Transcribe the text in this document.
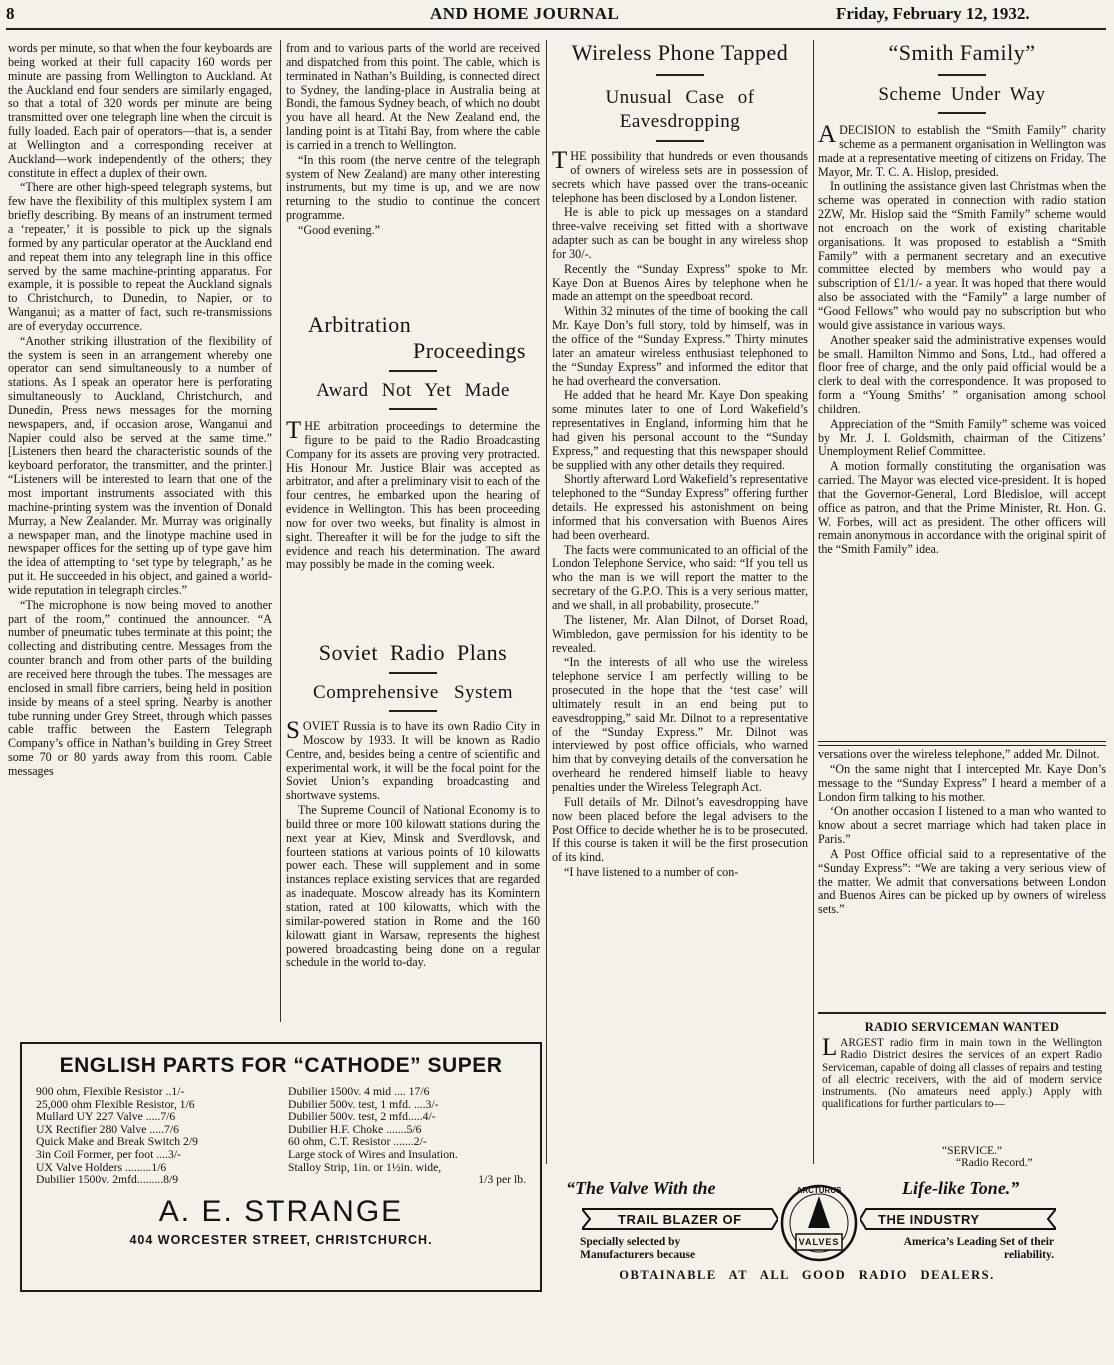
8	AND HOME JOURNAL	Friday, February 12, 1932.

words per minute, so that when the four keyboards are being worked at their full capacity 160 words per minute are passing from Wellington to Auckland. At the Auckland end four senders are similarly engaged, so that a total of 320 words per minute are being transmitted over one telegraph line when the circuit is fully loaded. Each pair of operators—that is, a sender at Wellington and a corresponding receiver at Auckland—work independently of the others; they constitute in effect a duplex of their own.

“There are other high-speed telegraph systems, but few have the flexibility of this multiplex system I am briefly describing. By means of an instrument termed a ‘repeater,’ it is possible to pick up the signals formed by any particular operator at the Auckland end and repeat them into any telegraph line in this office served by the same machine-printing apparatus. For example, it is possible to repeat the Auckland signals to Christchurch, to Dunedin, to Napier, or to Wanganui; as a matter of fact, such re-transmissions are of everyday occurrence.

“Another striking illustration of the flexibility of the system is seen in an arrangement whereby one operator can send simultaneously to a number of stations. As I speak an operator here is perforating simultaneously to Auckland, Christchurch, and Dunedin, Press news messages for the morning newspapers, and, if occasion arose, Wanganui and Napier could also be served at the same time.” [Listeners then heard the characteristic sounds of the keyboard perforator, the transmitter, and the printer.] “Listeners will be interested to learn that one of the most important instruments associated with this machine-printing system was the invention of Donald Murray, a New Zealander. Mr. Murray was originally a newspaper man, and the linotype machine used in newspaper offices for the setting up of type gave him the idea of attempting to ‘set type by telegraph,’ as he put it. He succeeded in his object, and gained a world-wide reputation in telegraph circles.”

“The microphone is now being moved to another part of the room,” continued the announcer. “A number of pneumatic tubes terminate at this point; the collecting and distributing centre. Messages from the counter branch and from other parts of the building are received here through the tubes. The messages are enclosed in small fibre carriers, being held in position inside by means of a steel spring. Nearby is another tube running under Grey Street, through which passes cable traffic between the Eastern Telegraph Company’s office in Nathan’s building in Grey Street some 70 or 80 yards away from this room. Cable messages

from and to various parts of the world are received and dispatched from this point. The cable, which is terminated in Nathan’s Building, is connected direct to Sydney, the landing-place in Australia being at Bondi, the famous Sydney beach, of which no doubt you have all heard. At the New Zealand end, the landing point is at Titahi Bay, from where the cable is carried in a trench to Wellington.

“In this room (the nerve centre of the telegraph system of New Zealand) are many other interesting instruments, but my time is up, and we are now returning to the studio to continue the concert programme.

“Good evening.”

Arbitration
Proceedings
Award Not Yet Made

THE arbitration proceedings to determine the figure to be paid to the Radio Broadcasting Company for its assets are proving very protracted. His Honour Mr. Justice Blair was accepted as arbitrator, and after a preliminary visit to each of the four centres, he embarked upon the hearing of evidence in Wellington. This has been proceeding now for over two weeks, but finality is almost in sight. Thereafter it will be for the judge to sift the evidence and reach his determination. The award may possibly be made in the coming week.

Soviet Radio Plans
Comprehensive System

SOVIET Russia is to have its own Radio City in Moscow by 1933. It will be known as Radio Centre, and, besides being a centre of scientific and experimental work, it will be the focal point for the Soviet Union’s expanding broadcasting and shortwave systems.

The Supreme Council of National Economy is to build three or more 100 kilowatt stations during the next year at Kiev, Minsk and Sverdlovsk, and fourteen stations at various points of 10 kilowatts power each. These will supplement and in some instances replace existing services that are regarded as inadequate. Moscow already has its Komintern station, rated at 100 kilowatts, which with the similar-powered station in Rome and the 160 kilowatt giant in Warsaw, represents the highest powered broadcasting being done on a regular schedule in the world to-day.

Wireless Phone Tapped
Unusual Case of Eavesdropping

THE possibility that hundreds or even thousands of owners of wireless sets are in possession of secrets which have passed over the trans-oceanic telephone has been disclosed by a London listener.

He is able to pick up messages on a standard three-valve receiving set fitted with a shortwave adapter such as can be bought in any wireless shop for 30/-.

Recently the “Sunday Express” spoke to Mr. Kaye Don at Buenos Aires by telephone when he made an attempt on the speedboat record.

Within 32 minutes of the time of booking the call Mr. Kaye Don’s full story, told by himself, was in the office of the “Sunday Express.” Thirty minutes later an amateur wireless enthusiast telephoned to the “Sunday Express” and informed the editor that he had overheard the conversation.

He added that he heard Mr. Kaye Don speaking some minutes later to one of Lord Wakefield’s representatives in England, informing him that he had given his personal account to the “Sunday Express,” and requesting that this newspaper should be supplied with any other details they required.

Shortly afterward Lord Wakefield’s representative telephoned to the “Sunday Express” offering further details. He expressed his astonishment on being informed that his conversation with Buenos Aires had been overheard.

The facts were communicated to an official of the London Telephone Service, who said: “If you tell us who the man is we will report the matter to the secretary of the G.P.O. This is a very serious matter, and we shall, in all probability, prosecute.”

The listener, Mr. Alan Dilnot, of Dorset Road, Wimbledon, gave permission for his identity to be revealed.

“In the interests of all who use the wireless telephone service I am perfectly willing to be prosecuted in the hope that the ‘test case’ will ultimately result in an end being put to eavesdropping,” said Mr. Dilnot to a representative of the “Sunday Express.” Mr. Dilnot was interviewed by post office officials, who warned him that by conveying details of the conversation he overheard he rendered himself liable to heavy penalties under the Wireless Telegraph Act.

Full details of Mr. Dilnot’s eavesdropping have now been placed before the legal advisers to the Post Office to decide whether he is to be prosecuted. If this course is taken it will be the first prosecution of its kind.

“I have listened to a number of con-

“Smith Family”
Scheme Under Way

ADECISION to establish the “Smith Family” charity scheme as a permanent organisation in Wellington was made at a representative meeting of citizens on Friday. The Mayor, Mr. T. C. A. Hislop, presided.

In outlining the assistance given last Christmas when the scheme was operated in connection with radio station 2ZW, Mr. Hislop said the “Smith Family” scheme would not encroach on the work of existing charitable organisations. It was proposed to establish a “Smith Family” with a permanent secretary and an executive committee elected by members who would pay a subscription of £1/1/- a year. It was hoped that there would also be associated with the “Family” a large number of “Good Fellows” who would pay no subscription but who would give assistance in various ways.

Another speaker said the administrative expenses would be small. Hamilton Nimmo and Sons, Ltd., had offered a floor free of charge, and the only paid official would be a clerk to deal with the correspondence. It was proposed to form a “Young Smiths’ ” organisation among school children.

Appreciation of the “Smith Family” scheme was voiced by Mr. J. I. Goldsmith, chairman of the Citizens’ Unemployment Relief Committee.

A motion formally constituting the organisation was carried. The Mayor was elected vice-president. It is hoped that the Governor-General, Lord Bledisloe, will accept office as patron, and that the Prime Minister, Rt. Hon. G. W. Forbes, will act as president. The other officers will remain anonymous in accordance with the original spirit of the “Smith Family” idea.

versations over the wireless telephone,” added Mr. Dilnot.

“On the same night that I intercepted Mr. Kaye Don’s message to the “Sunday Express” I heard a member of a London firm talking to his mother.

‘On another occasion I listened to a man who wanted to know about a secret marriage which had taken place in Paris.”

A Post Office official said to a representative of the “Sunday Express”: “We are taking a very serious view of the matter. We admit that conversations between London and Buenos Aires can be picked up by owners of wireless sets.”

RADIO SERVICEMAN WANTED

LARGEST radio firm in main town in the Wellington Radio District desires the services of an expert Radio Serviceman, capable of doing all classes of repairs and testing of all electric receivers, with the aid of modern service instruments. (No amateurs need apply.) Apply with qualifications for further particulars to—

“SERVICE.”
“Radio Record.”
ENGLISH PARTS FOR “CATHODE” SUPER
900 ohm, Flexible Resistor ..1/-
25,000 ohm Flexible Resistor, 1/6
Mullard UY 227 Valve .....7/6
UX Rectifier 280 Valve .....7/6
Quick Make and Break Switch 2/9
3in Coil Former, per foot ....3/-
UX Valve Holders .........1/6
Dubilier 1500v. 2mfd.........8/9
Dubilier 1500v. 4 mid .... 17/6
Dubilier 500v. test, 1 mfd. ....3/-
Dubilier 500v. test, 2 mfd.....4/-
Dubilier H.F. Choke .......5/6
60 ohm, C.T. Resistor .......2/-
Large stock of Wires and Insulation.
Stalloy Strip, 1in. or 1½in. wide,
1/3 per lb.
A. E. STRANGE
404 WORCESTER STREET, CHRISTCHURCH.
“The Valve With the	Life-like Tone.”
TRAIL BLAZER OF	THE INDUSTRY
ARCTURUS
VALVES
Specially selected by Manufacturers because
America’s Leading Set of their reliability.
OBTAINABLE AT ALL GOOD RADIO DEALERS.
